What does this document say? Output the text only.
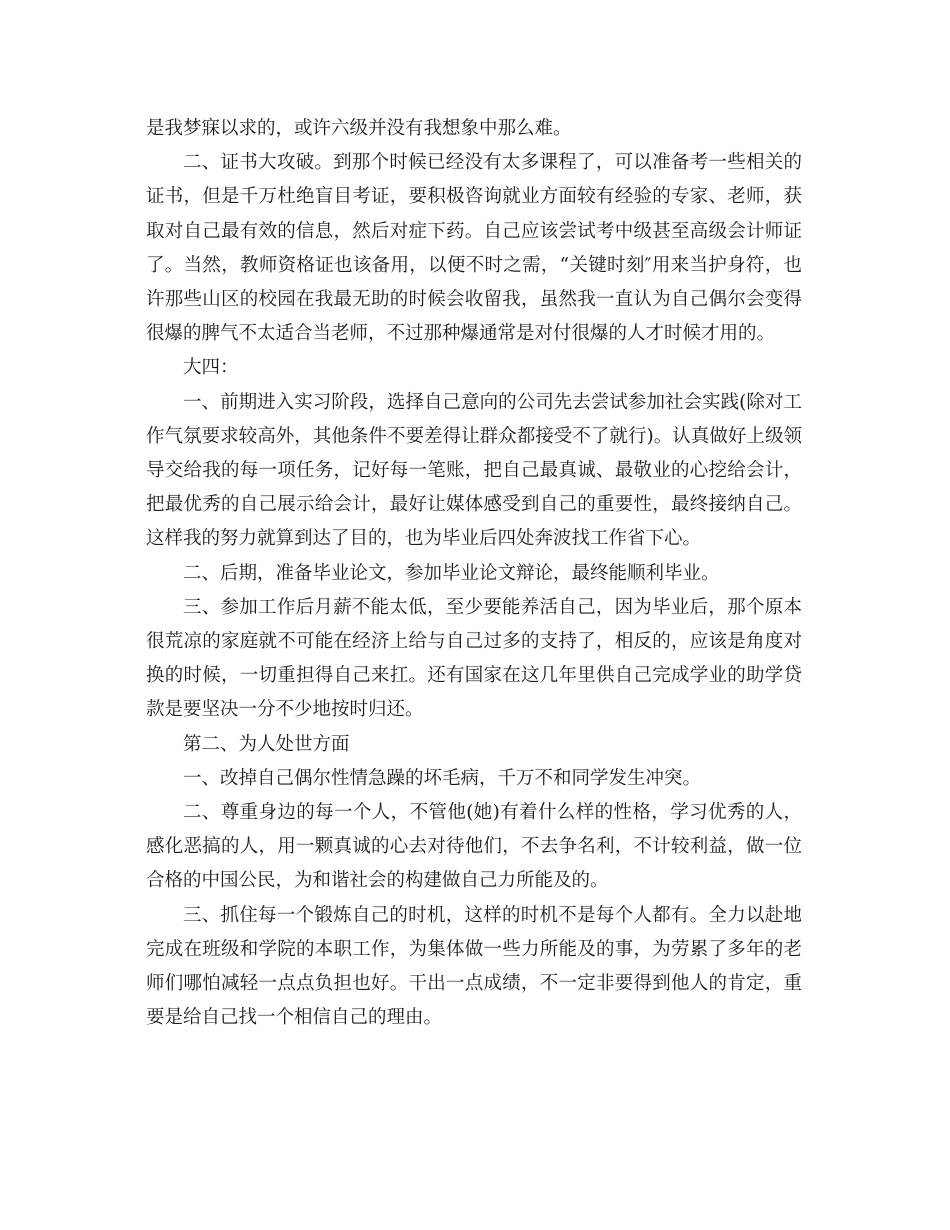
是我梦寐以求的，或许六级并没有我想象中那么难。

二、证书大攻破。到那个时候已经没有太多课程了，可以准备考一些相关的证书，但是千万杜绝盲目考证，要积极咨询就业方面较有经验的专家、老师，获取对自己最有效的信息，然后对症下药。自己应该尝试考中级甚至高级会计师证了。当然，教师资格证也该备用，以便不时之需，“关键时刻″用来当护身符，也许那些山区的校园在我最无助的时候会收留我，虽然我一直认为自己偶尔会变得很爆的脾气不太适合当老师，不过那种爆通常是对付很爆的人才时候才用的。

大四：

一、前期进入实习阶段，选择自己意向的公司先去尝试参加社会实践(除对工作气氛要求较高外，其他条件不要差得让群众都接受不了就行)。认真做好上级领导交给我的每一项任务，记好每一笔账，把自己最真诚、最敬业的心挖给会计，把最优秀的自己展示给会计，最好让媒体感受到自己的重要性，最终接纳自己。这样我的努力就算到达了目的，也为毕业后四处奔波找工作省下心。

二、后期，准备毕业论文，参加毕业论文辩论，最终能顺利毕业。

三、参加工作后月薪不能太低，至少要能养活自己，因为毕业后，那个原本很荒凉的家庭就不可能在经济上给与自己过多的支持了，相反的，应该是角度对换的时候，一切重担得自己来扛。还有国家在这几年里供自己完成学业的助学贷款是要坚决一分不少地按时归还。

第二、为人处世方面

一、改掉自己偶尔性情急躁的坏毛病，千万不和同学发生冲突。

二、尊重身边的每一个人，不管他(她)有着什么样的性格，学习优秀的人，感化恶搞的人，用一颗真诚的心去对待他们，不去争名利，不计较利益，做一位合格的中国公民，为和谐社会的构建做自己力所能及的。

三、抓住每一个锻炼自己的时机，这样的时机不是每个人都有。全力以赴地完成在班级和学院的本职工作，为集体做一些力所能及的事，为劳累了多年的老师们哪怕减轻一点点负担也好。干出一点成绩，不一定非要得到他人的肯定，重要是给自己找一个相信自己的理由。
